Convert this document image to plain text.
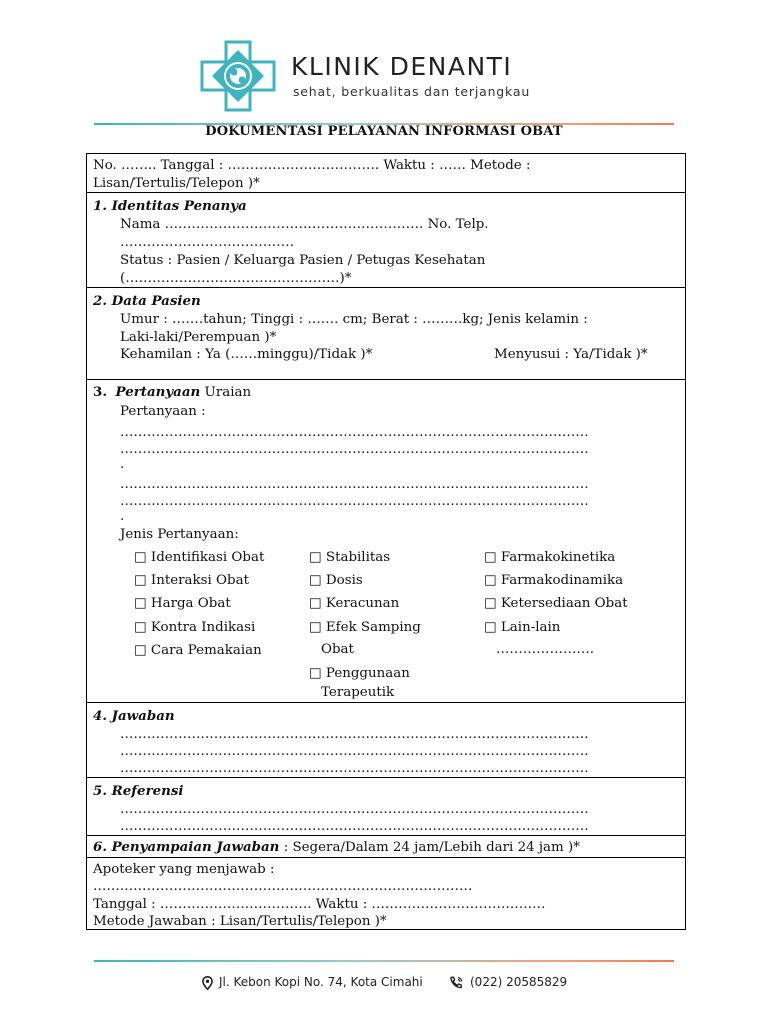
KLINIK DENANTI
sehat, berkualitas dan terjangkau
DOKUMENTASI PELAYANAN INFORMASI OBAT
No. …….. Tanggal : ……………………………. Waktu : …… Metode :
Lisan/Tertulis/Telepon )*
1. Identitas Penanya
Nama …………………………………………………. No. Telp.
…………………………………
Status : Pasien / Keluarga Pasien / Petugas Kesehatan
(…………………………………………)*
2. Data Pasien
Umur : …….tahun; Tinggi : ……. cm; Berat : ………kg; Jenis kelamin :
Laki-laki/Perempuan )*
Kehamilan : Ya (……minggu)/Tidak )*	Menyusui : Ya/Tidak )*
3. Pertanyaan Uraian
Pertanyaan :
……………………………………………………………………………………………
……………………………………………………………………………………………
.
……………………………………………………………………………………………
……………………………………………………………………………………………
.
Jenis Pertanyaan:
□ Identifikasi Obat
□ Interaksi Obat
□ Harga Obat
□ Kontra Indikasi
□ Cara Pemakaian
□ Stabilitas
□ Dosis
□ Keracunan
□ Efek Samping
Obat
□ Penggunaan
Terapeutik
□ Farmakokinetika
□ Farmakodinamika
□ Ketersediaan Obat
□ Lain-lain
………………….
4. Jawaban
……………………………………………………………………………………………
……………………………………………………………………………………………
……………………………………………………………………………………………
5. Referensi
……………………………………………………………………………………………
……………………………………………………………………………………………
6. Penyampaian Jawaban : Segera/Dalam 24 jam/Lebih dari 24 jam )*
Apoteker yang menjawab :
………………………………………………………………………….
Tanggal : ……………………………. Waktu : …………………………………
Metode Jawaban : Lisan/Tertulis/Telepon )*
Jl. Kebon Kopi No. 74, Kota Cimahi	(022) 20585829
